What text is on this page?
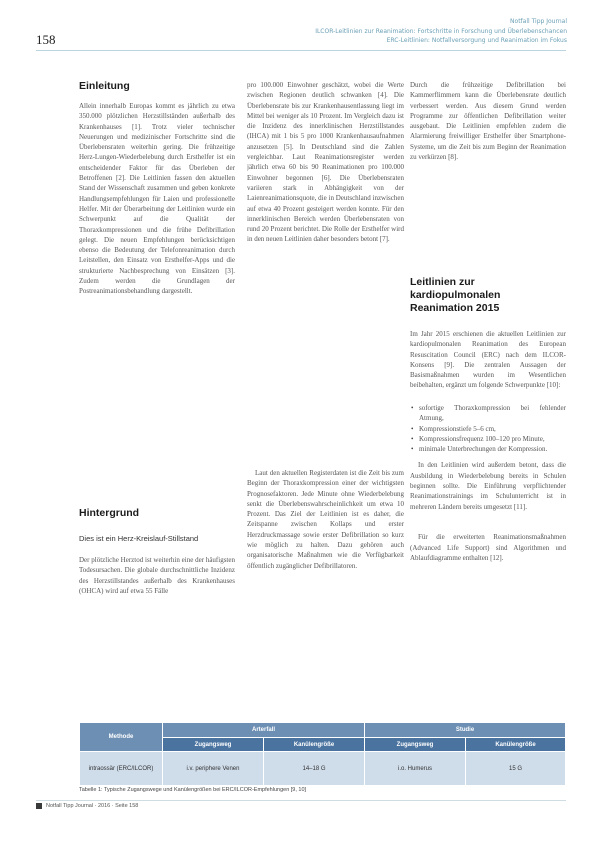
158
Notfall Tipp Journal
ILCOR-Leitlinien zur Reanimation: Fortschritte in Forschung und Überlebenschancen
ERC-Leitlinien: Notfallversorgung und Reanimation im Fokus
Einleitung

Allein innerhalb Europas kommt es jährlich zu etwa 350.000 plötzlichen Herzstillständen außerhalb des Krankenhauses [1]. Trotz vieler technischer Neuerungen und medizinischer Fortschritte sind die Überlebensraten weiterhin gering. Die frühzeitige Herz-Lungen-Wiederbelebung durch Ersthelfer ist ein entscheidender Faktor für das Überleben der Betroffenen [2]. Die Leitlinien fassen den aktuellen Stand der Wissenschaft zusammen und geben konkrete Handlungsempfehlungen für Laien und professionelle Helfer. Mit der Überarbeitung der Leitlinien wurde ein Schwerpunkt auf die Qualität der Thoraxkompressionen und die frühe Defibrillation gelegt. Die neuen Empfehlungen berücksichtigen ebenso die Bedeutung der Telefonreanimation durch Leitstellen, den Einsatz von Ersthelfer-Apps und die strukturierte Nachbesprechung von Einsätzen [3]. Zudem werden die Grundlagen der Postreanimationsbehandlung dargestellt.

Hintergrund
Dies ist ein Herz-Kreislauf-Stillstand

Der plötzliche Herztod ist weiterhin eine der häufigsten Todesursachen. Die globale durchschnittliche Inzidenz des Herzstillstandes außerhalb des Krankenhauses (OHCA) wird auf etwa 55 Fälle

pro 100.000 Einwohner geschätzt, wobei die Werte zwischen Regionen deutlich schwanken [4]. Die Überlebensrate bis zur Krankenhausentlassung liegt im Mittel bei weniger als 10 Prozent. Im Vergleich dazu ist die Inzidenz des innerklinischen Herzstillstandes (IHCA) mit 1 bis 5 pro 1000 Krankenhausaufnahmen anzusetzen [5]. In Deutschland sind die Zahlen vergleichbar. Laut Reanimationsregister werden jährlich etwa 60 bis 90 Reanimationen pro 100.000 Einwohner begonnen [6]. Die Überlebensraten variieren stark in Abhängigkeit von der Laienreanimationsquote, die in Deutschland inzwischen auf etwa 40 Prozent gesteigert werden konnte. Für den innerklinischen Bereich werden Überlebensraten von rund 20 Prozent berichtet. Die Rolle der Ersthelfer wird in den neuen Leitlinien daher besonders betont [7].

Laut den aktuellen Registerdaten ist die Zeit bis zum Beginn der Thoraxkompression einer der wichtigsten Prognosefaktoren. Jede Minute ohne Wiederbelebung senkt die Überlebenswahrscheinlichkeit um etwa 10 Prozent. Das Ziel der Leitlinien ist es daher, die Zeitspanne zwischen Kollaps und erster Herzdruckmassage sowie erster Defibrillation so kurz wie möglich zu halten. Dazu gehören auch organisatorische Maßnahmen wie die Verfügbarkeit öffentlich zugänglicher Defibrillatoren.

Durch die frühzeitige Defibrillation bei Kammerflimmern kann die Überlebensrate deutlich verbessert werden. Aus diesem Grund werden Programme zur öffentlichen Defibrillation weiter ausgebaut. Die Leitlinien empfehlen zudem die Alarmierung freiwilliger Ersthelfer über Smartphone-Systeme, um die Zeit bis zum Beginn der Reanimation zu verkürzen [8].

Leitlinien zur kardiopulmonalen Reanimation 2015

Im Jahr 2015 erschienen die aktuellen Leitlinien zur kardiopulmonalen Reanimation des European Resuscitation Council (ERC) nach dem ILCOR-Konsens [9]. Die zentralen Aussagen der Basismaßnahmen wurden im Wesentlichen beibehalten, ergänzt um folgende Schwerpunkte [10]:

• sofortige Thoraxkompression bei fehlender Atmung,
• Kompressionstiefe 5–6 cm,
• Kompressionsfrequenz 100–120 pro Minute,
• minimale Unterbrechungen der Kompression.

In den Leitlinien wird außerdem betont, dass die Ausbildung in Wiederbelebung bereits in Schulen beginnen sollte. Die Einführung verpflichtender Reanimationstrainings im Schulunterricht ist in mehreren Ländern bereits umgesetzt [11].

Für die erweiterten Reanimationsmaßnahmen (Advanced Life Support) sind Algorithmen und Ablaufdiagramme enthalten [12].

Methode	Arterfall		Studie	
	Zugangsweg	Kanülengröße	Zugangsweg	Kanülengröße
intraossär (ERC/ILCOR)	i.v. periphere Venen	14–18 G	i.o. Humerus	15 G
Tabelle 1: Typische Zugangswege und Kanülengrößen bei ERC/ILCOR-Empfehlungen [9, 10]
Notfall Tipp Journal · 2016 · Seite 158
